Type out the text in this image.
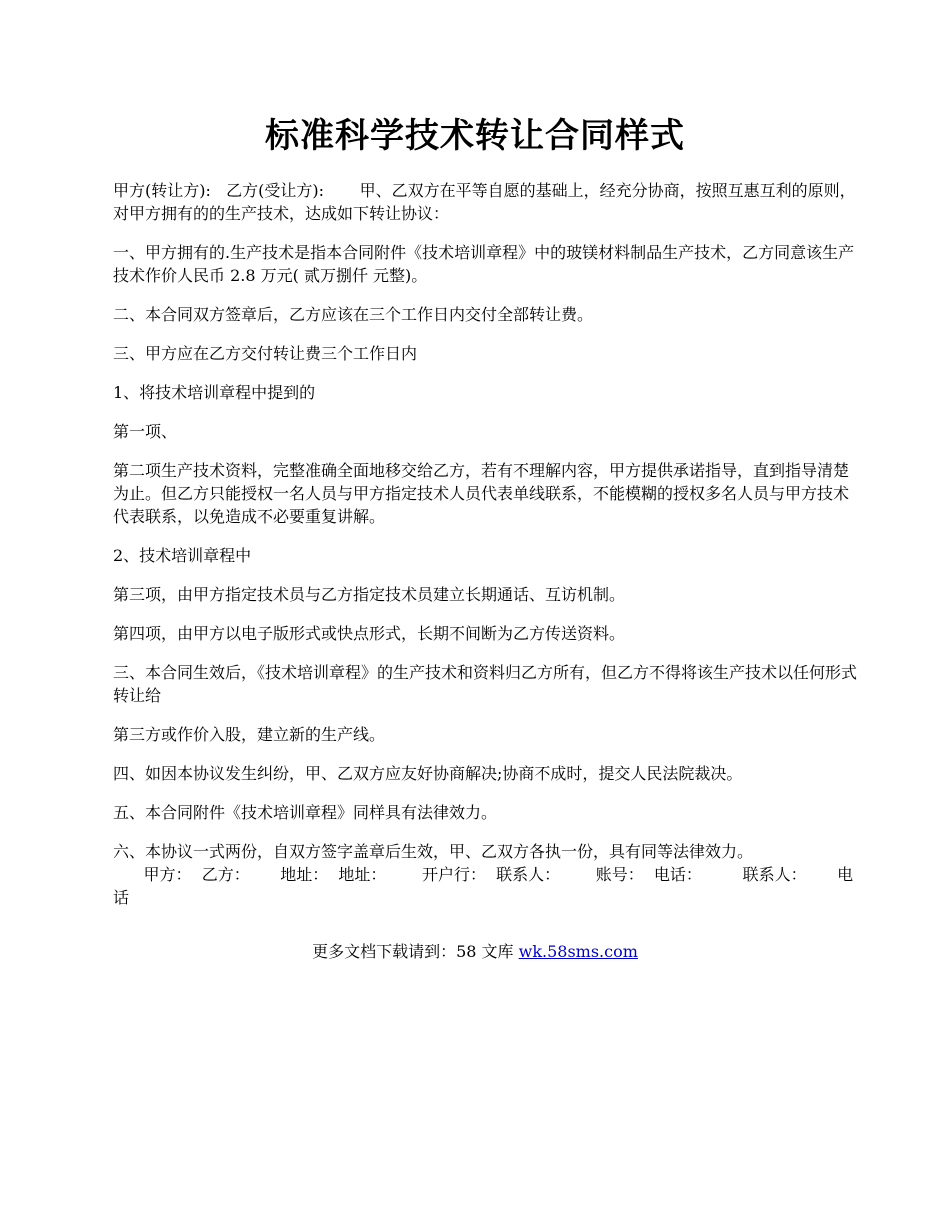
标准科学技术转让合同样式

甲方(转让方):   乙方(受让方):       甲、乙双方在平等自愿的基础上，经充分协商，按照互惠互利的原则，对甲方拥有的的生产技术，达成如下转让协议：

一、甲方拥有的.生产技术是指本合同附件《技术培训章程》中的玻镁材料制品生产技术，乙方同意该生产技术作价人民币 2.8 万元( 贰万捌仟 元整)。

二、本合同双方签章后，乙方应该在三个工作日内交付全部转让费。

三、甲方应在乙方交付转让费三个工作日内

1、将技术培训章程中提到的

第一项、

第二项生产技术资料，完整准确全面地移交给乙方，若有不理解内容，甲方提供承诺指导，直到指导清楚为止。但乙方只能授权一名人员与甲方指定技术人员代表单线联系，不能模糊的授权多名人员与甲方技术代表联系，以免造成不必要重复讲解。

2、技术培训章程中

第三项，由甲方指定技术员与乙方指定技术员建立长期通话、互访机制。

第四项，由甲方以电子版形式或快点形式，长期不间断为乙方传送资料。

三、本合同生效后，《技术培训章程》的生产技术和资料归乙方所有，但乙方不得将该生产技术以任何形式转让给

第三方或作价入股，建立新的生产线。

四、如因本协议发生纠纷，甲、乙双方应友好协商解决;协商不成时，提交人民法院裁决。

五、本合同附件《技术培训章程》同样具有法律效力。

六、本协议一式两份，自双方签字盖章后生效，甲、乙双方各执一份，具有同等法律效力。

甲方：  乙方：      地址：  地址：       开户行：  联系人：       账号：  电话：        联系人：      电话

更多文档下载请到：58 文库 wk.58sms.com
